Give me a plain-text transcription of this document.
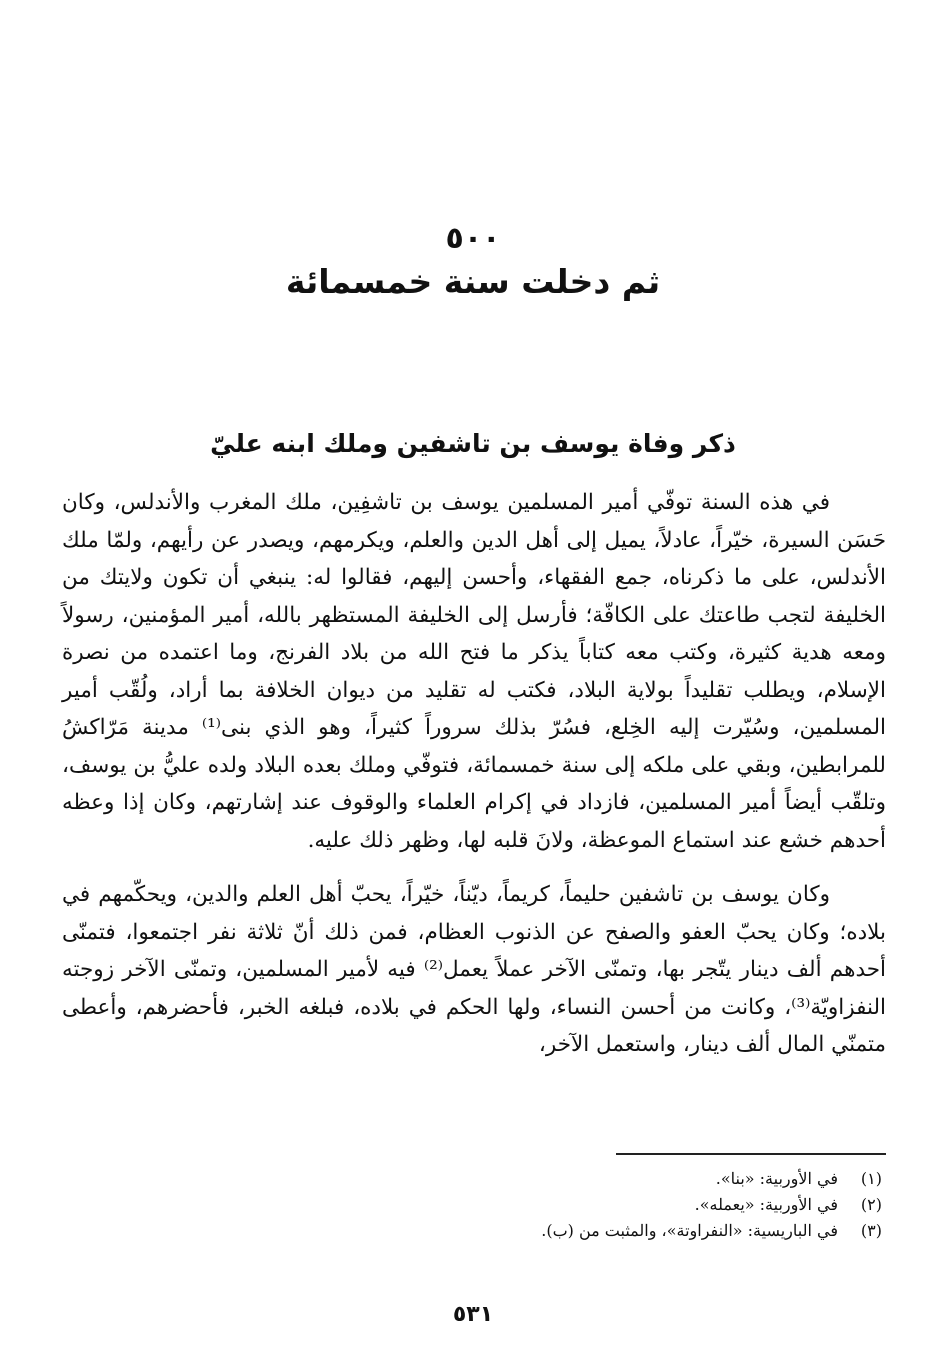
٥٠٠
ثم دخلت سنة خمسمائة
ذكر وفاة يوسف بن تاشفين وملك ابنه عليّ

في هذه السنة توفّي أمير المسلمين يوسف بن تاشفِين، ملك المغرب والأندلس، وكان حَسَن السيرة، خيّراً، عادلاً، يميل إلى أهل الدين والعلم، ويكرمهم، ويصدر عن رأيهم، ولمّا ملك الأندلس، على ما ذكرناه، جمع الفقهاء، وأحسن إليهم، فقالوا له: ينبغي أن تكون ولايتك من الخليفة لتجب طاعتك على الكافّة؛ فأرسل إلى الخليفة المستظهر بالله، أمير المؤمنين، رسولاً ومعه هدية كثيرة، وكتب معه كتاباً يذكر ما فتح الله من بلاد الفرنج، وما اعتمده من نصرة الإسلام، ويطلب تقليداً بولاية البلاد، فكتب له تقليد من ديوان الخلافة بما أراد، ولُقّب أمير المسلمين، وسُيّرت إليه الخِلع، فسُرّ بذلك سروراً كثيراً، وهو الذي بنى⁽¹⁾ مدينة مَرّاكشُ للمرابطين، وبقي على ملكه إلى سنة خمسمائة، فتوفّي وملك بعده البلاد ولده عليُّ بن يوسف، وتلقّب أيضاً أمير المسلمين، فازداد في إكرام العلماء والوقوف عند إشارتهم، وكان إذا وعظه أحدهم خشع عند استماع الموعظة، ولانَ قلبه لها، وظهر ذلك عليه.

وكان يوسف بن تاشفين حليماً، كريماً، ديّناً، خيّراً، يحبّ أهل العلم والدين، ويحكّمهم في بلاده؛ وكان يحبّ العفو والصفح عن الذنوب العظام، فمن ذلك أنّ ثلاثة نفر اجتمعوا، فتمنّى أحدهم ألف دينار يتّجر بها، وتمنّى الآخر عملاً يعمل⁽²⁾ فيه لأمير المسلمين، وتمنّى الآخر زوجته النفزاويّة⁽³⁾، وكانت من أحسن النساء، ولها الحكم في بلاده، فبلغه الخبر، فأحضرهم، وأعطى متمنّي المال ألف دينار، واستعمل الآخر،

(١)
في الأوربية: «بنا».
(٢)
في الأوربية: «يعمله».
(٣)
في الباريسية: «النفراوتة»، والمثبت من (ب).
٥٣١
